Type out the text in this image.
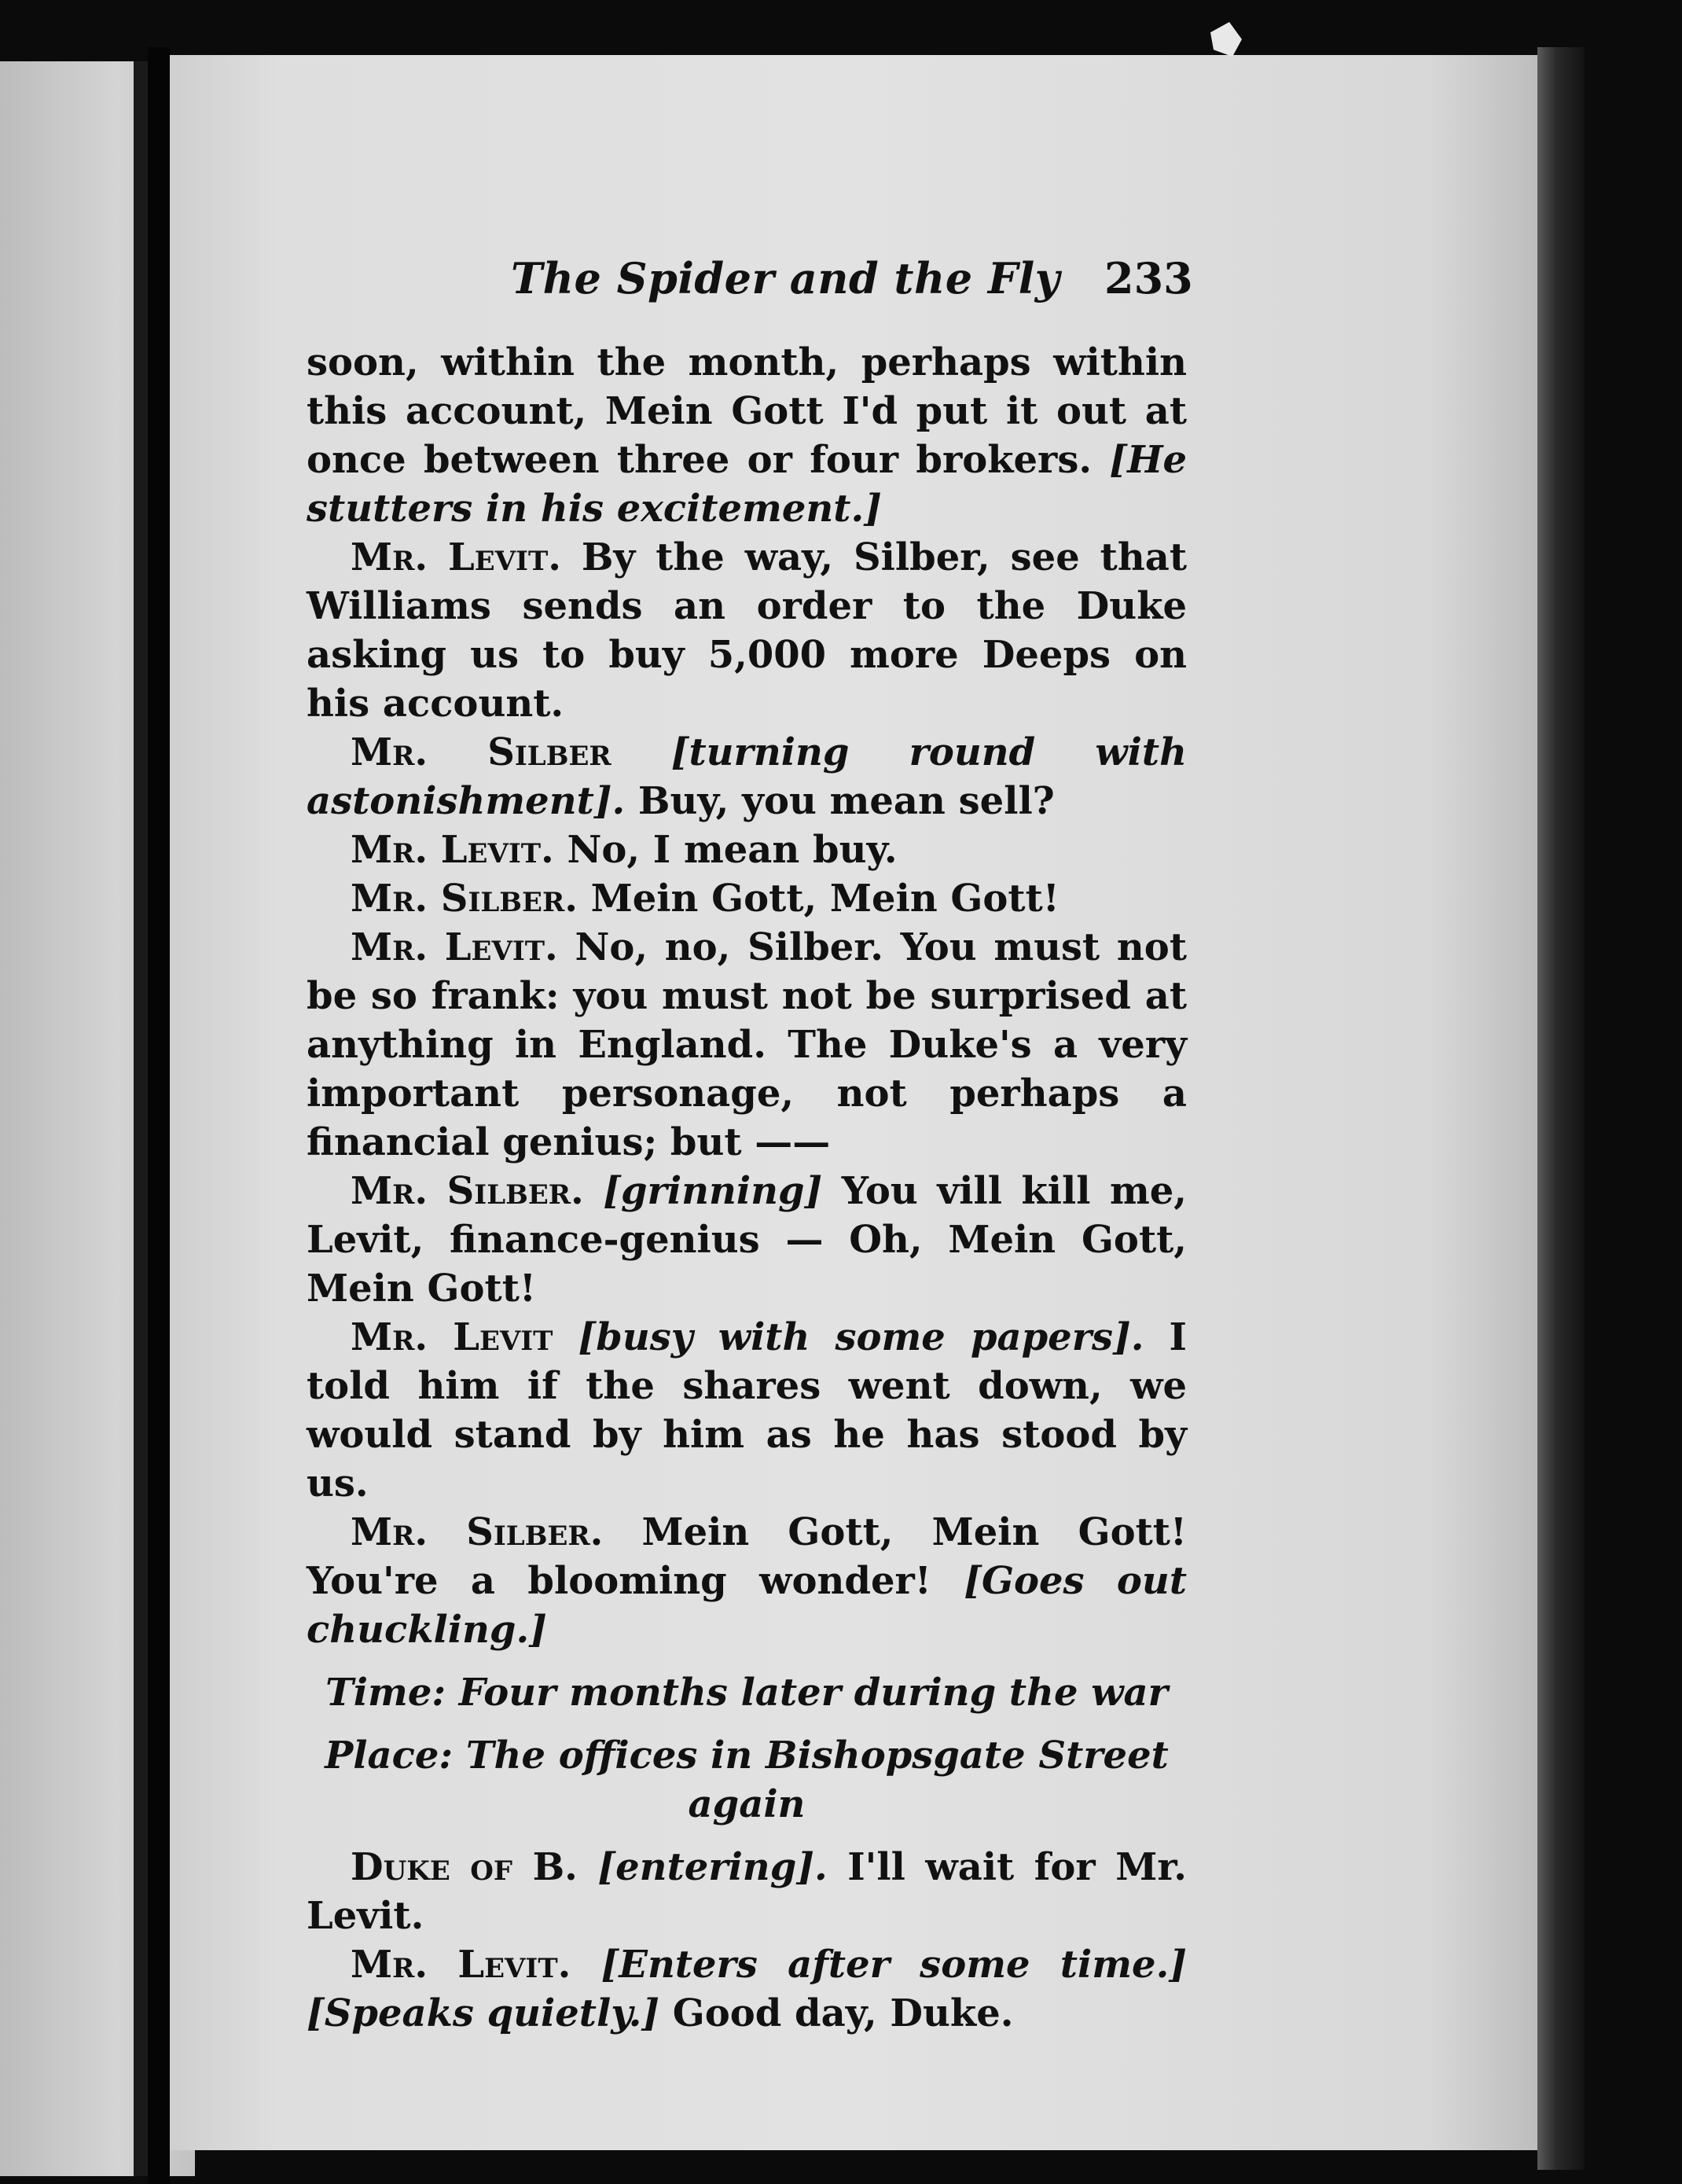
The Spider and the Fly 233

soon, within the month, perhaps within this account, Mein Gott I'd put it out at once between three or four brokers. [He stutters in his excitement.]

Mr. Levit. By the way, Silber, see that Williams sends an order to the Duke asking us to buy 5,000 more Deeps on his account.

Mr. Silber [turning round with astonishment]. Buy, you mean sell?

Mr. Levit. No, I mean buy.

Mr. Silber. Mein Gott, Mein Gott!

Mr. Levit. No, no, Silber. You must not be so frank: you must not be surprised at anything in England. The Duke's a very important personage, not perhaps a financial genius; but ——

Mr. Silber. [grinning] You vill kill me, Levit, finance-genius — Oh, Mein Gott, Mein Gott!

Mr. Levit [busy with some papers]. I told him if the shares went down, we would stand by him as he has stood by us.

Mr. Silber. Mein Gott, Mein Gott! You're a blooming wonder! [Goes out chuckling.]

Time: Four months later during the war

Place: The offices in Bishopsgate Street again

Duke of B. [entering]. I'll wait for Mr. Levit.

Mr. Levit. [Enters after some time.] [Speaks quietly.] Good day, Duke.
